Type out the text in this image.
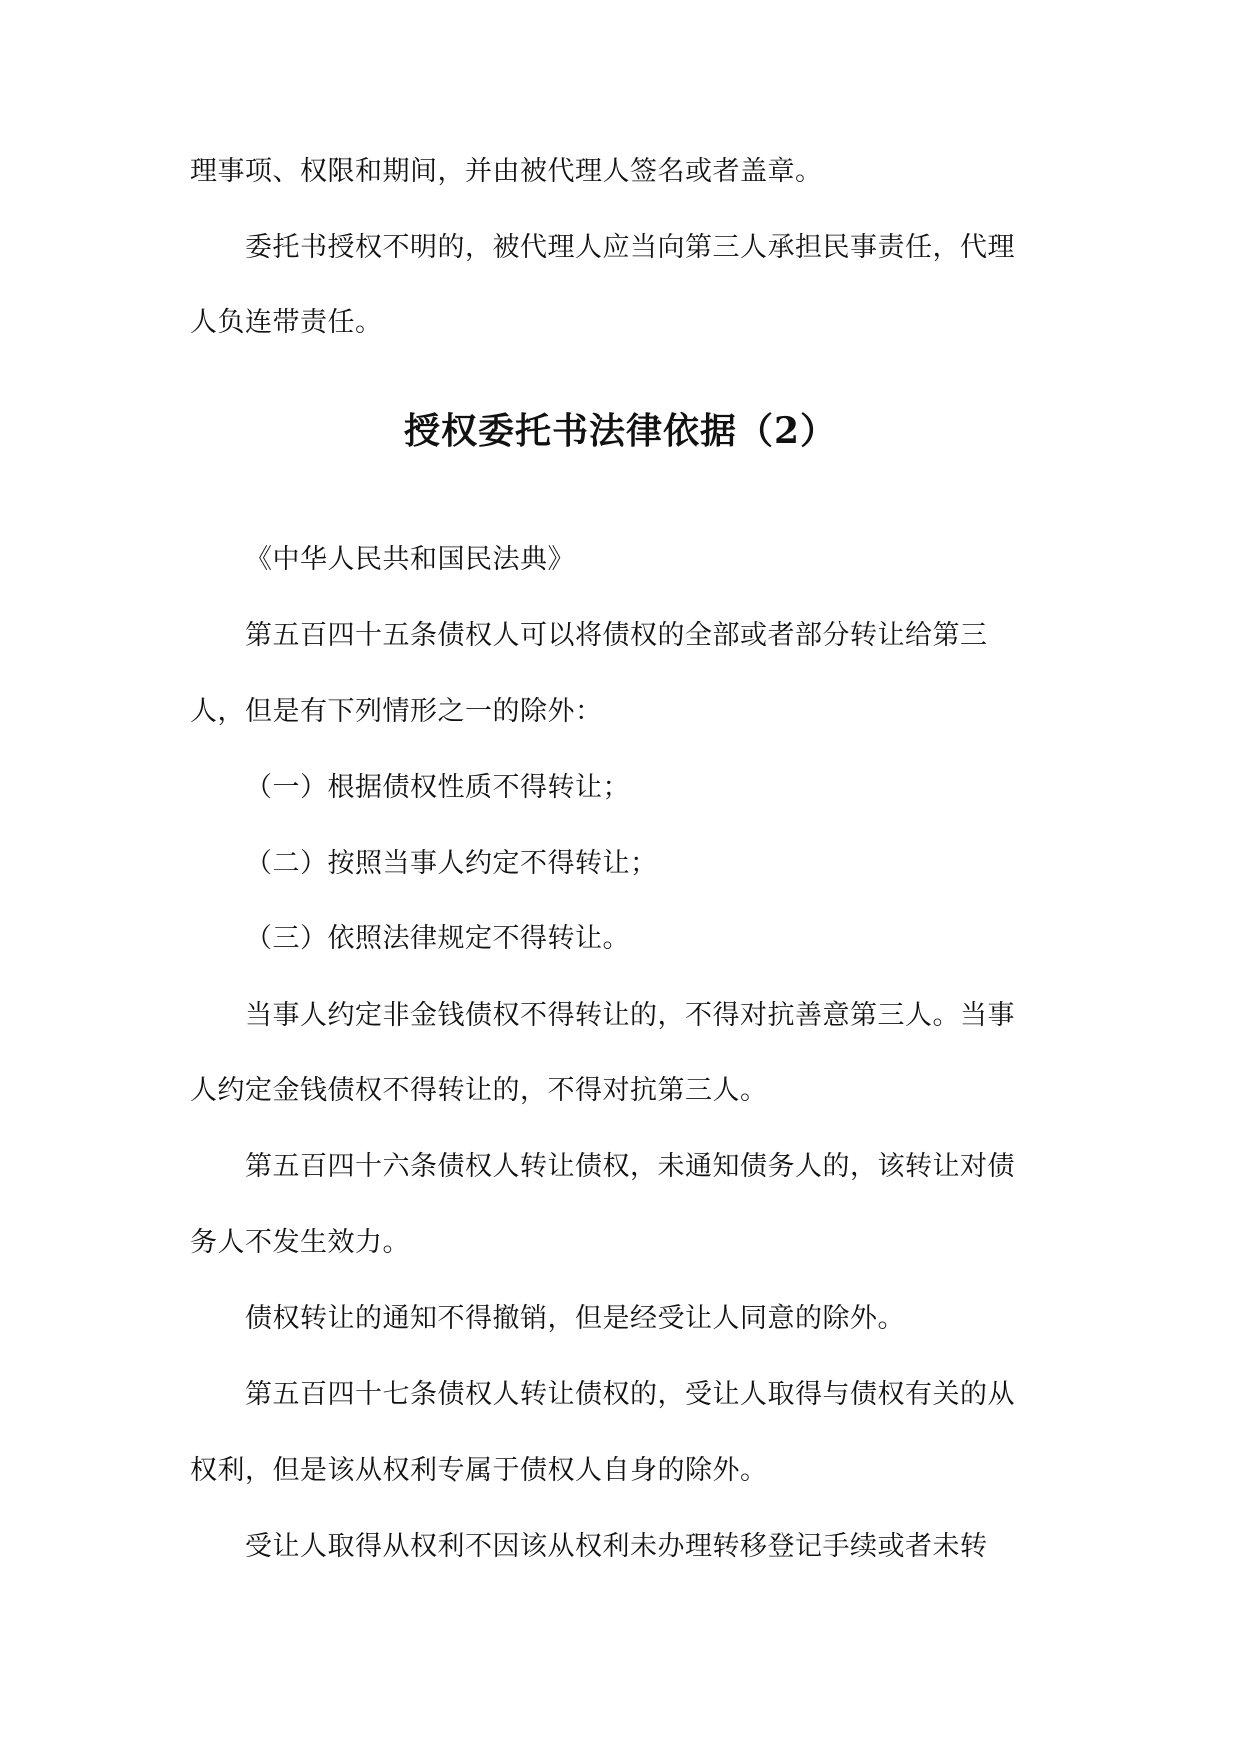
理事项、权限和期间，并由被代理人签名或者盖章。
委托书授权不明的，被代理人应当向第三人承担民事责任，代理
人负连带责任。
授权委托书法律依据（2）
《中华人民共和国民法典》
第五百四十五条债权人可以将债权的全部或者部分转让给第三
人，但是有下列情形之一的除外：
（一）根据债权性质不得转让；
（二）按照当事人约定不得转让；
（三）依照法律规定不得转让。
当事人约定非金钱债权不得转让的，不得对抗善意第三人。当事
人约定金钱债权不得转让的，不得对抗第三人。
第五百四十六条债权人转让债权，未通知债务人的，该转让对债
务人不发生效力。
债权转让的通知不得撤销，但是经受让人同意的除外。
第五百四十七条债权人转让债权的，受让人取得与债权有关的从
权利，但是该从权利专属于债权人自身的除外。
受让人取得从权利不因该从权利未办理转移登记手续或者未转
